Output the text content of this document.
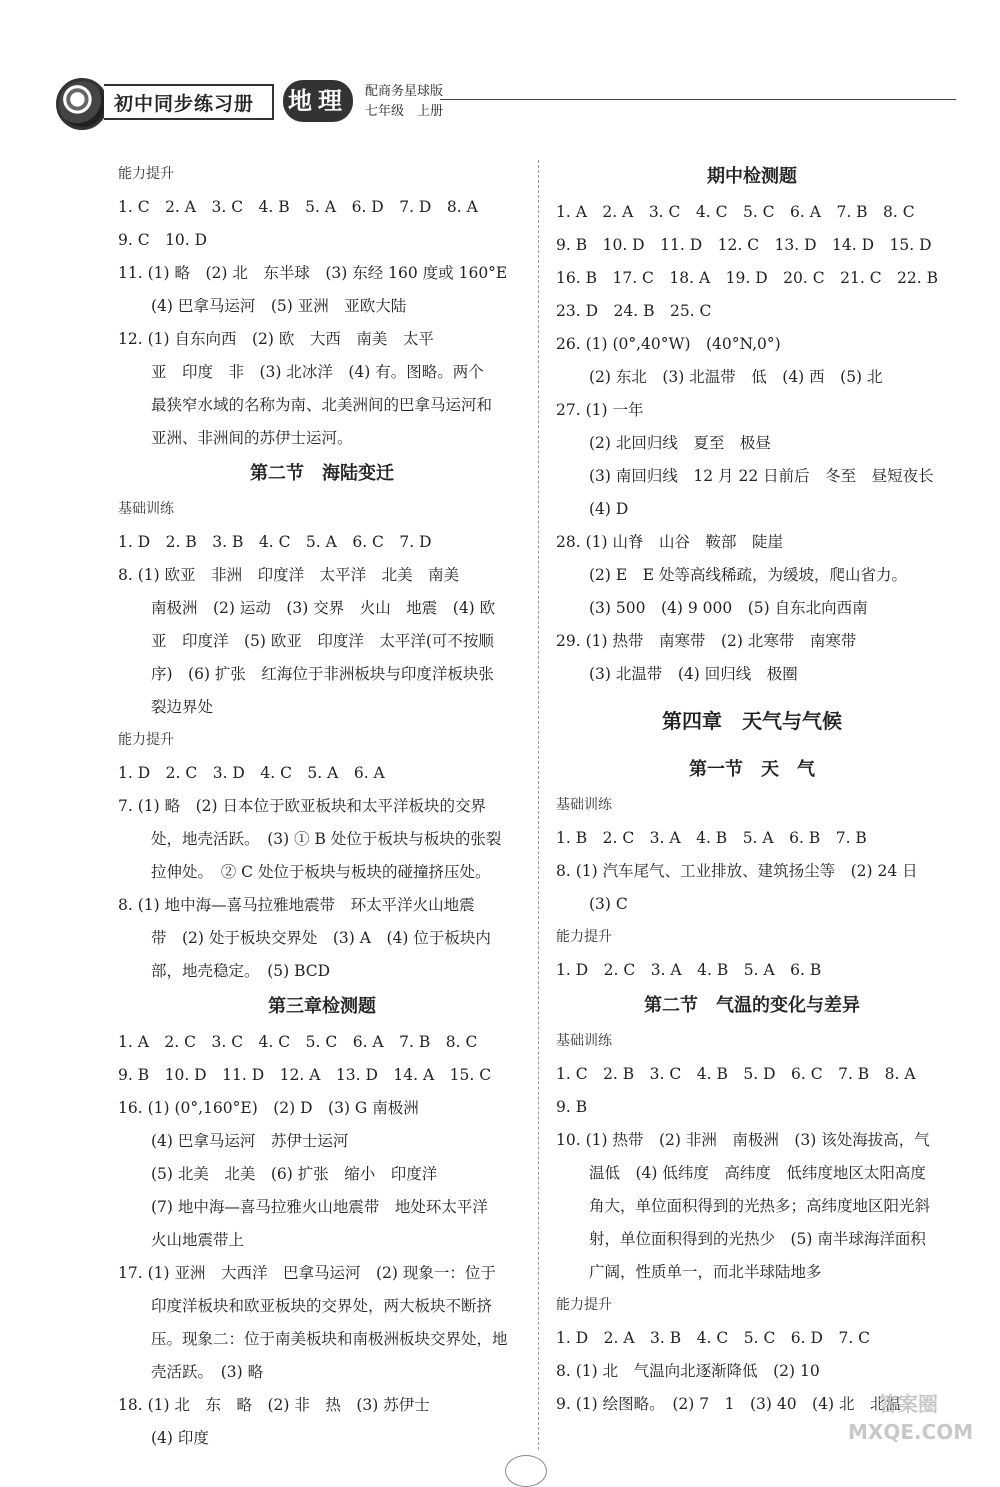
初中同步练习册	地理	配商务星球版
七年级　上册
能力提升
1. C　2. A　3. C　4. B　5. A　6. D　7. D　8. A
9. C　10. D
11. (1) 略　(2) 北　东半球　(3) 东经 160 度或 160°E
(4) 巴拿马运河　(5) 亚洲　亚欧大陆
12. (1) 自东向西　(2) 欧　大西　南美　太平
亚　印度　非　(3) 北冰洋　(4) 有。图略。两个
最狭窄水域的名称为南、北美洲间的巴拿马运河和
亚洲、非洲间的苏伊士运河。
第二节　海陆变迁
基础训练
1. D　2. B　3. B　4. C　5. A　6. C　7. D
8. (1) 欧亚　非洲　印度洋　太平洋　北美　南美
南极洲　(2) 运动　(3) 交界　火山　地震　(4) 欧
亚　印度洋　(5) 欧亚　印度洋　太平洋(可不按顺
序)　(6) 扩张　红海位于非洲板块与印度洋板块张
裂边界处
能力提升
1. D　2. C　3. D　4. C　5. A　6. A
7. (1) 略　(2) 日本位于欧亚板块和太平洋板块的交界
处，地壳活跃。　(3) ① B 处位于板块与板块的张裂
拉伸处。　② C 处位于板块与板块的碰撞挤压处。
8. (1) 地中海—喜马拉雅地震带　环太平洋火山地震
带　(2) 处于板块交界处　(3) A　(4) 位于板块内
部，地壳稳定。　(5) BCD
第三章检测题
1. A　2. C　3. C　4. C　5. C　6. A　7. B　8. C
9. B　10. D　11. D　12. A　13. D　14. A　15. C
16. (1) (0°,160°E)　(2) D　(3) G 南极洲
(4) 巴拿马运河　苏伊士运河
(5) 北美　北美　(6) 扩张　缩小　印度洋
(7) 地中海—喜马拉雅火山地震带　地处环太平洋
火山地震带上
17. (1) 亚洲　大西洋　巴拿马运河　(2) 现象一：位于
印度洋板块和欧亚板块的交界处，两大板块不断挤
压。现象二：位于南美板块和南极洲板块交界处，地
壳活跃。　(3) 略
18. (1) 北　东　略　(2) 非　热　(3) 苏伊士
(4) 印度
期中检测题
1. A　2. A　3. C　4. C　5. C　6. A　7. B　8. C
9. B　10. D　11. D　12. C　13. D　14. D　15. D
16. B　17. C　18. A　19. D　20. C　21. C　22. B
23. D　24. B　25. C
26. (1) (0°,40°W)　(40°N,0°)
(2) 东北　(3) 北温带　低　(4) 西　(5) 北
27. (1) 一年
(2) 北回归线　夏至　极昼
(3) 南回归线　12 月 22 日前后　冬至　昼短夜长
(4) D
28. (1) 山脊　山谷　鞍部　陡崖
(2) E　E 处等高线稀疏，为缓坡，爬山省力。
(3) 500　(4) 9 000　(5) 自东北向西南
29. (1) 热带　南寒带　(2) 北寒带　南寒带
(3) 北温带　(4) 回归线　极圈
第四章　天气与气候
第一节　天　气
基础训练
1. B　2. C　3. A　4. B　5. A　6. B　7. B
8. (1) 汽车尾气、工业排放、建筑扬尘等　(2) 24 日
(3) C
能力提升
1. D　2. C　3. A　4. B　5. A　6. B
第二节　气温的变化与差异
基础训练
1. C　2. B　3. C　4. B　5. D　6. C　7. B　8. A
9. B
10. (1) 热带　(2) 非洲　南极洲　(3) 该处海拔高，气
温低　(4) 低纬度　高纬度　低纬度地区太阳高度
角大，单位面积得到的光热多；高纬度地区阳光斜
射，单位面积得到的光热少　(5) 南半球海洋面积
广阔，性质单一，而北半球陆地多
能力提升
1. D　2. A　3. B　4. C　5. C　6. D　7. C
8. (1) 北　气温向北逐渐降低　(2) 10
9. (1) 绘图略。　(2) 7　1　(3) 40　(4) 北　北温
答案圈 MXQE.COM
